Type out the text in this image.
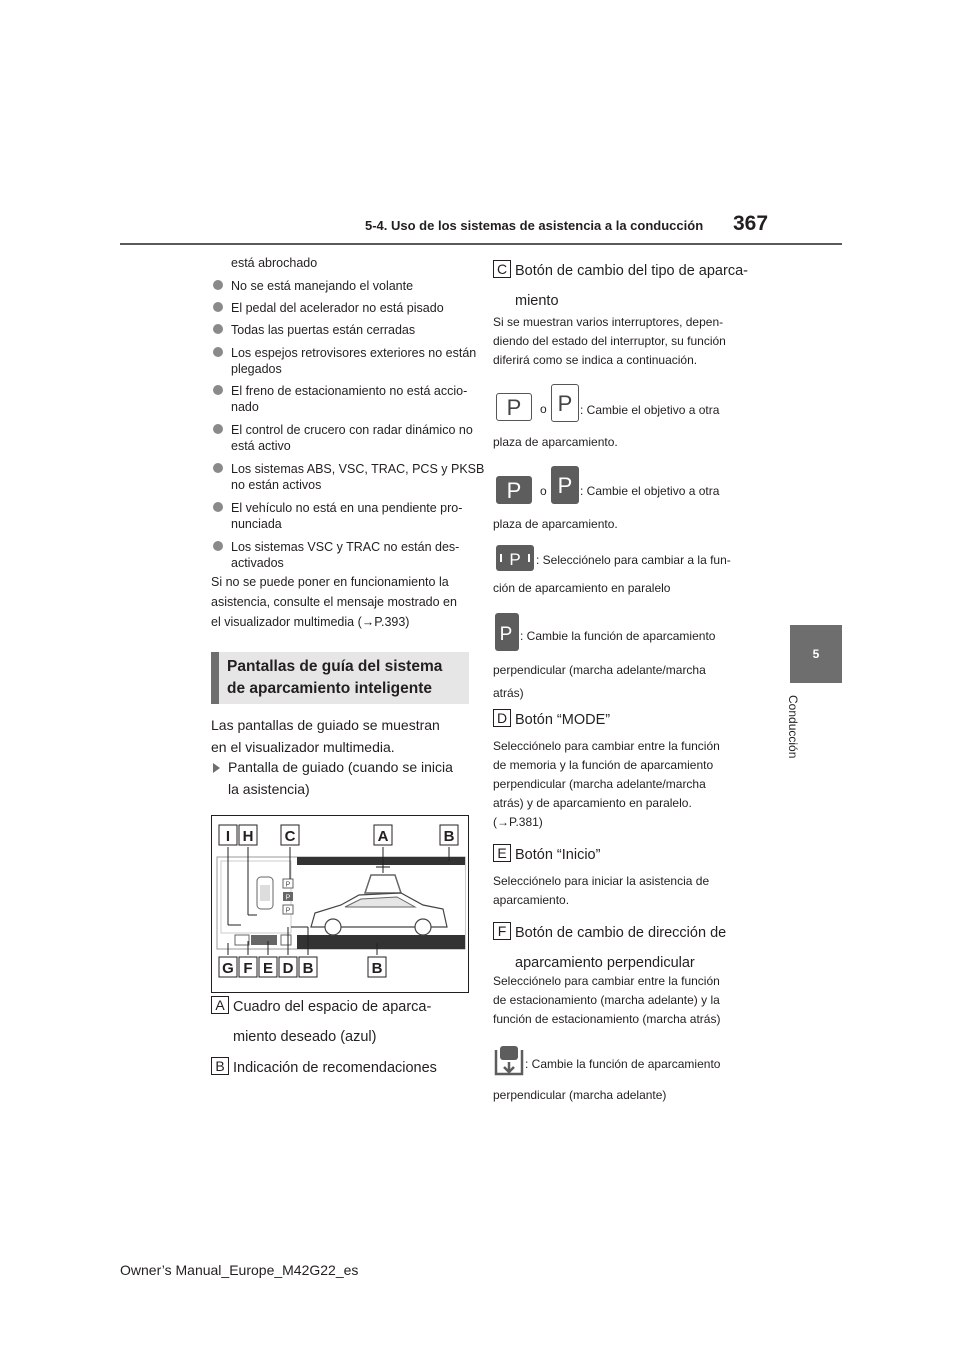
5-4. Uso de los sistemas de asistencia a la conducción 367
5
Conducción
está abrochado
No se está manejando el volante
El pedal del acelerador no está pisado
Todas las puertas están cerradas
Los espejos retrovisores exteriores no están plegados
El freno de estacionamiento no está accio-nado
El control de crucero con radar dinámico no está activo
Los sistemas ABS, VSC, TRAC, PCS y PKSB no están activos
El vehículo no está en una pendiente pro-nunciada
Los sistemas VSC y TRAC no están des-activados
Si no se puede poner en funcionamiento la
asistencia, consulte el mensaje mostrado en
el visualizador multimedia (→P.393)
Pantallas de guía del sistema
de aparcamiento inteligente
Las pantallas de guiado se muestran
en el visualizador multimedia.
Pantalla de guiado (cuando se inicia
la asistencia)
P
P
P
I H C	A	B
G F E D B	B
A Cuadro del espacio de aparca-
miento deseado (azul)
B Indicación de recomendaciones
C Botón de cambio del tipo de aparca-
miento
Si se muestran varios interruptores, depen-
diendo del estado del interruptor, su función
diferirá como se indica a continuación.
P	o P : Cambie el objetivo a otra
plaza de aparcamiento.
P	o P : Cambie el objetivo a otra
plaza de aparcamiento.
P : Selecciónelo para cambiar a la fun-
ción de aparcamiento en paralelo
P : Cambie la función de aparcamiento
perpendicular (marcha adelante/marcha
atrás)
D Botón “MODE”
Selecciónelo para cambiar entre la función
de memoria y la función de aparcamiento
perpendicular (marcha adelante/marcha
atrás) y de aparcamiento en paralelo.
(→P.381)
E Botón “Inicio”
Selecciónelo para iniciar la asistencia de
aparcamiento.
F Botón de cambio de dirección de
aparcamiento perpendicular
Selecciónelo para cambiar entre la función
de estacionamiento (marcha adelante) y la
función de estacionamiento (marcha atrás)
: Cambie la función de aparcamiento
perpendicular (marcha adelante)
Owner’s Manual_Europe_M42G22_es
